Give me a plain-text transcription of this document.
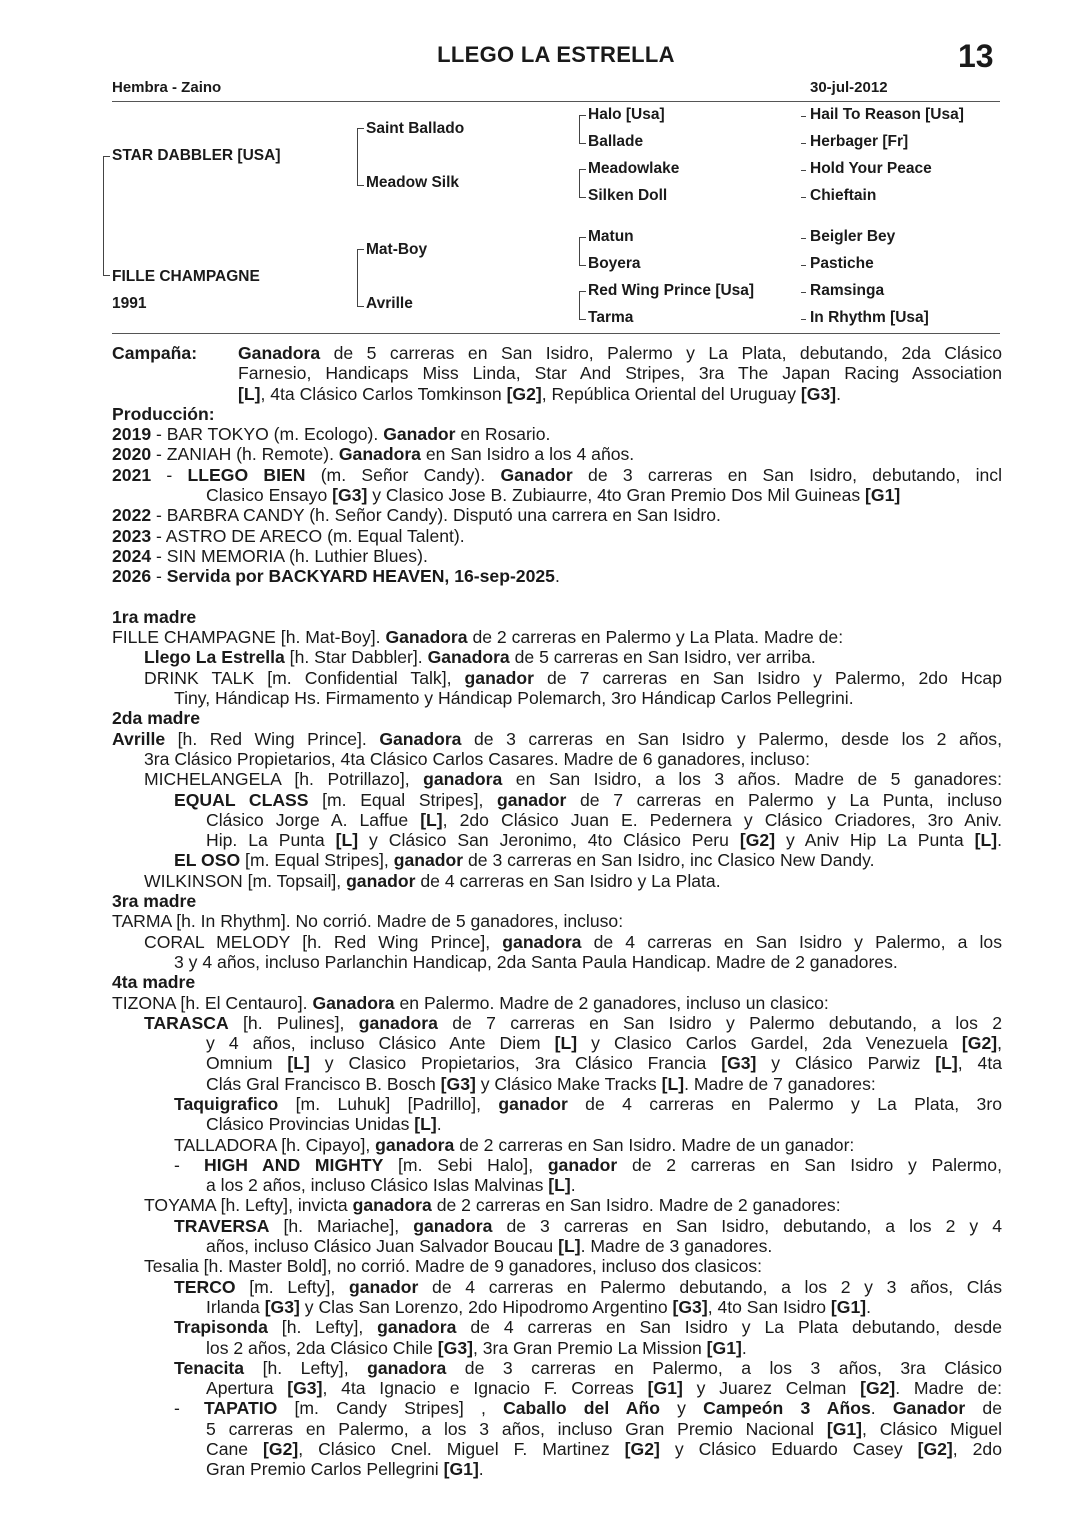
LLEGO LA ESTRELLA	13
Hembra - Zaino	30-jul-2012
STAR DABBLER [USA]
FILLE CHAMPAGNE
1991
Saint Ballado
Meadow Silk
Mat-Boy
Avrille
Halo [Usa]
Ballade
Meadowlake
Silken Doll
Matun
Boyera
Red Wing Prince [Usa]
Tarma
Hail To Reason [Usa]
Herbager [Fr]
Hold Your Peace
Chieftain
Beigler Bey
Pastiche
Ramsinga
In Rhythm [Usa]
Campaña: Ganadora de 5 carreras en San Isidro, Palermo y La Plata, debutando, 2da Clásico
Farnesio, Handicaps Miss Linda, Star And Stripes, 3ra The Japan Racing Association
[L], 4ta Clásico Carlos Tomkinson [G2], República Oriental del Uruguay [G3].
Producción:
2019 - BAR TOKYO (m. Ecologo). Ganador en Rosario.
2020 - ZANIAH (h. Remote). Ganadora en San Isidro a los 4 años.
2021 - LLEGO BIEN (m. Señor Candy). Ganador de 3 carreras en San Isidro, debutando, incl
Clasico Ensayo [G3] y Clasico Jose B. Zubiaurre, 4to Gran Premio Dos Mil Guineas [G1]
2022 - BARBRA CANDY (h. Señor Candy). Disputó una carrera en San Isidro.
2023 - ASTRO DE ARECO (m. Equal Talent).
2024 - SIN MEMORIA (h. Luthier Blues).
2026 - Servida por BACKYARD HEAVEN, 16-sep-2025.
1ra madre
FILLE CHAMPAGNE [h. Mat-Boy]. Ganadora de 2 carreras en Palermo y La Plata. Madre de:
Llego La Estrella [h. Star Dabbler]. Ganadora de 5 carreras en San Isidro, ver arriba.
DRINK TALK [m. Confidential Talk], ganador de 7 carreras en San Isidro y Palermo, 2do Hcap
Tiny, Hándicap Hs. Firmamento y Hándicap Polemarch, 3ro Hándicap Carlos Pellegrini.
2da madre
Avrille [h. Red Wing Prince]. Ganadora de 3 carreras en San Isidro y Palermo, desde los 2 años,
3ra Clásico Propietarios, 4ta Clásico Carlos Casares. Madre de 6 ganadores, incluso:
MICHELANGELA [h. Potrillazo], ganadora en San Isidro, a los 3 años. Madre de 5 ganadores:
EQUAL CLASS [m. Equal Stripes], ganador de 7 carreras en Palermo y La Punta, incluso
Clásico Jorge A. Laffue [L], 2do Clásico Juan E. Pedernera y Clásico Criadores, 3ro Aniv.
Hip. La Punta [L] y Clásico San Jeronimo, 4to Clásico Peru [G2] y Aniv Hip La Punta [L].
EL OSO [m. Equal Stripes], ganador de 3 carreras en San Isidro, inc Clasico New Dandy.
WILKINSON [m. Topsail], ganador de 4 carreras en San Isidro y La Plata.
3ra madre
TARMA [h. In Rhythm]. No corrió. Madre de 5 ganadores, incluso:
CORAL MELODY [h. Red Wing Prince], ganadora de 4 carreras en San Isidro y Palermo, a los
3 y 4 años, incluso Parlanchin Handicap, 2da Santa Paula Handicap. Madre de 2 ganadores.
4ta madre
TIZONA [h. El Centauro]. Ganadora en Palermo. Madre de 2 ganadores, incluso un clasico:
TARASCA [h. Pulines], ganadora de 7 carreras en San Isidro y Palermo debutando, a los 2
y 4 años, incluso Clásico Ante Diem [L] y Clasico Carlos Gardel, 2da Venezuela [G2],
Omnium [L] y Clasico Propietarios, 3ra Clásico Francia [G3] y Clásico Parwiz [L], 4ta
Clás Gral Francisco B. Bosch [G3] y Clásico Make Tracks [L]. Madre de 7 ganadores:
Taquigrafico [m. Luhuk] [Padrillo], ganador de 4 carreras en Palermo y La Plata, 3ro
Clásico Provincias Unidas [L].
TALLADORA [h. Cipayo], ganadora de 2 carreras en San Isidro. Madre de un ganador:
- HIGH AND MIGHTY [m. Sebi Halo], ganador de 2 carreras en San Isidro y Palermo,
a los 2 años, incluso Clásico Islas Malvinas [L].
TOYAMA [h. Lefty], invicta ganadora de 2 carreras en San Isidro. Madre de 2 ganadores:
TRAVERSA [h. Mariache], ganadora de 3 carreras en San Isidro, debutando, a los 2 y 4
años, incluso Clásico Juan Salvador Boucau [L]. Madre de 3 ganadores.
Tesalia [h. Master Bold], no corrió. Madre de 9 ganadores, incluso dos clasicos:
TERCO [m. Lefty], ganador de 4 carreras en Palermo debutando, a los 2 y 3 años, Clás
Irlanda [G3] y Clas San Lorenzo, 2do Hipodromo Argentino [G3], 4to San Isidro [G1].
Trapisonda [h. Lefty], ganadora de 4 carreras en San Isidro y La Plata debutando, desde
los 2 años, 2da Clásico Chile [G3], 3ra Gran Premio La Mission [G1].
Tenacita [h. Lefty], ganadora de 3 carreras en Palermo, a los 3 años, 3ra Clásico
Apertura [G3], 4ta Ignacio e Ignacio F. Correas [G1] y Juarez Celman [G2]. Madre de:
- TAPATIO [m. Candy Stripes] , Caballo del Año y Campeón 3 Años. Ganador de
5 carreras en Palermo, a los 3 años, incluso Gran Premio Nacional [G1], Clásico Miguel
Cane [G2], Clásico Cnel. Miguel F. Martinez [G2] y Clásico Eduardo Casey [G2], 2do
Gran Premio Carlos Pellegrini [G1].
